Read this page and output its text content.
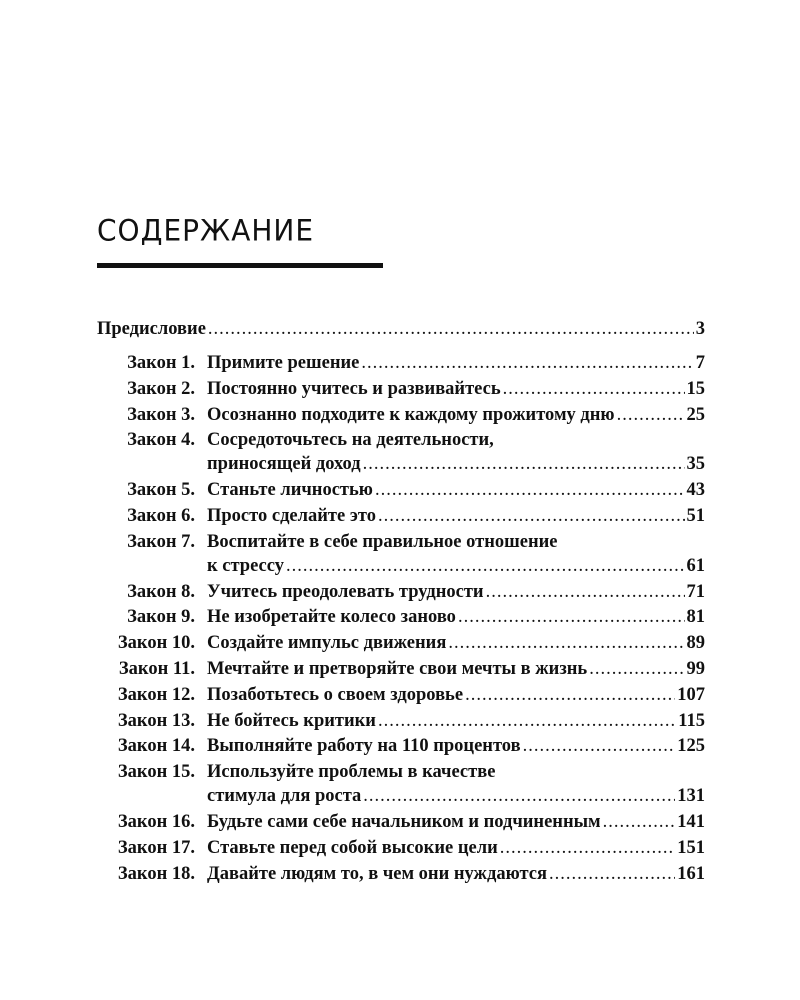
СОДЕРЖАНИЕ
Предисловие .....	3
Закон 1. Примите решение .....	7
Закон 2. Постоянно учитесь и развивайтесь .....	15
Закон 3. Осознанно подходите к каждому прожитому дню .....	25
Закон 4. Сосредоточьтесь на деятельности,
приносящей доход .....	35
Закон 5. Станьте личностью .....	43
Закон 6. Просто сделайте это .....	51
Закон 7. Воспитайте в себе правильное отношение
к стрессу .....	61
Закон 8. Учитесь преодолевать трудности .....	71
Закон 9. Не изобретайте колесо заново .....	81
Закон 10. Создайте импульс движения .....	89
Закон 11. Мечтайте и претворяйте свои мечты в жизнь .....	99
Закон 12. Позаботьтесь о своем здоровье .....	107
Закон 13. Не бойтесь критики .....	115
Закон 14. Выполняйте работу на 110 процентов .....	125
Закон 15. Используйте проблемы в качестве
стимула для роста .....	131
Закон 16. Будьте сами себе начальником и подчиненным .....	141
Закон 17. Ставьте перед собой высокие цели .....	151
Закон 18. Давайте людям то, в чем они нуждаются .....	161
